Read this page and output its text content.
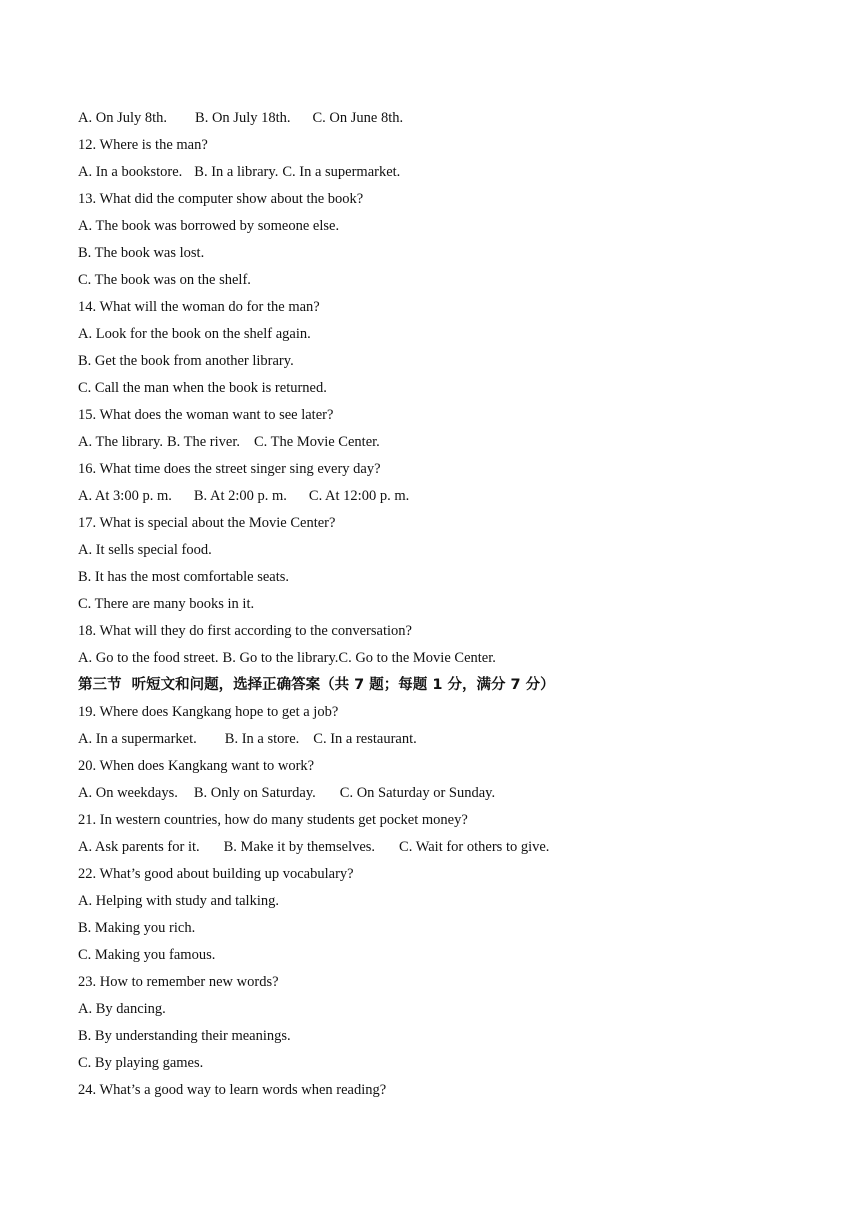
A. On July 8th. B. On July 18th. C. On June 8th.
12. Where is the man?
A. In a bookstore. B. In a library. C. In a supermarket.
13. What did the computer show about the book?
A. The book was borrowed by someone else.
B. The book was lost.
C. The book was on the shelf.
14. What will the woman do for the man?
A. Look for the book on the shelf again.
B. Get the book from another library.
C. Call the man when the book is returned.
15. What does the woman want to see later?
A. The library. B. The river. C. The Movie Center.
16. What time does the street singer sing every day?
A. At 3:00 p. m. B. At 2:00 p. m. C. At 12:00 p. m.
17. What is special about the Movie Center?
A. It sells special food.
B. It has the most comfortable seats.
C. There are many books in it.
18. What will they do first according to the conversation?
A. Go to the food street. B. Go to the library.C. Go to the Movie Center.
第三节  听短文和问题，选择正确答案（共 7 题；每题 1 分，满分 7 分）
19. Where does Kangkang hope to get a job?
A. In a supermarket. B. In a store. C. In a restaurant.
20. When does Kangkang want to work?
A. On weekdays. B. Only on Saturday. C. On Saturday or Sunday.
21. In western countries, how do many students get pocket money?
A. Ask parents for it. B. Make it by themselves. C. Wait for others to give.
22. What’s good about building up vocabulary?
A. Helping with study and talking.
B. Making you rich.
C. Making you famous.
23. How to remember new words?
A. By dancing.
B. By understanding their meanings.
C. By playing games.
24. What’s a good way to learn words when reading?
